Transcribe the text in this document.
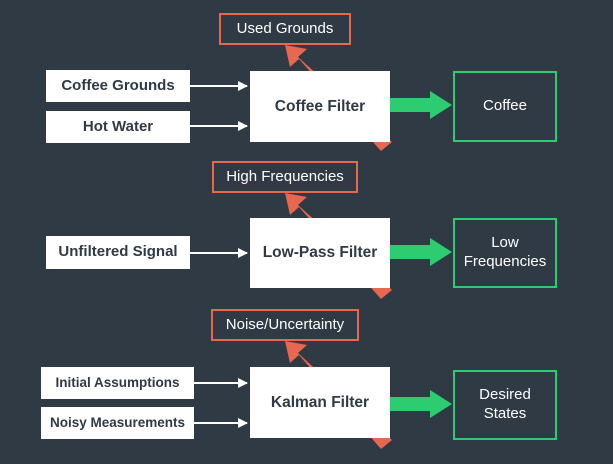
Used Grounds
Coffee Grounds
Hot Water
Coffee Filter	Coffee
High Frequencies
Unfiltered Signal	Low-Pass Filter
Low
Frequencies
Noise/Uncertainty
Initial Assumptions
Noisy Measurements
Kalman Filter	Desired
States
